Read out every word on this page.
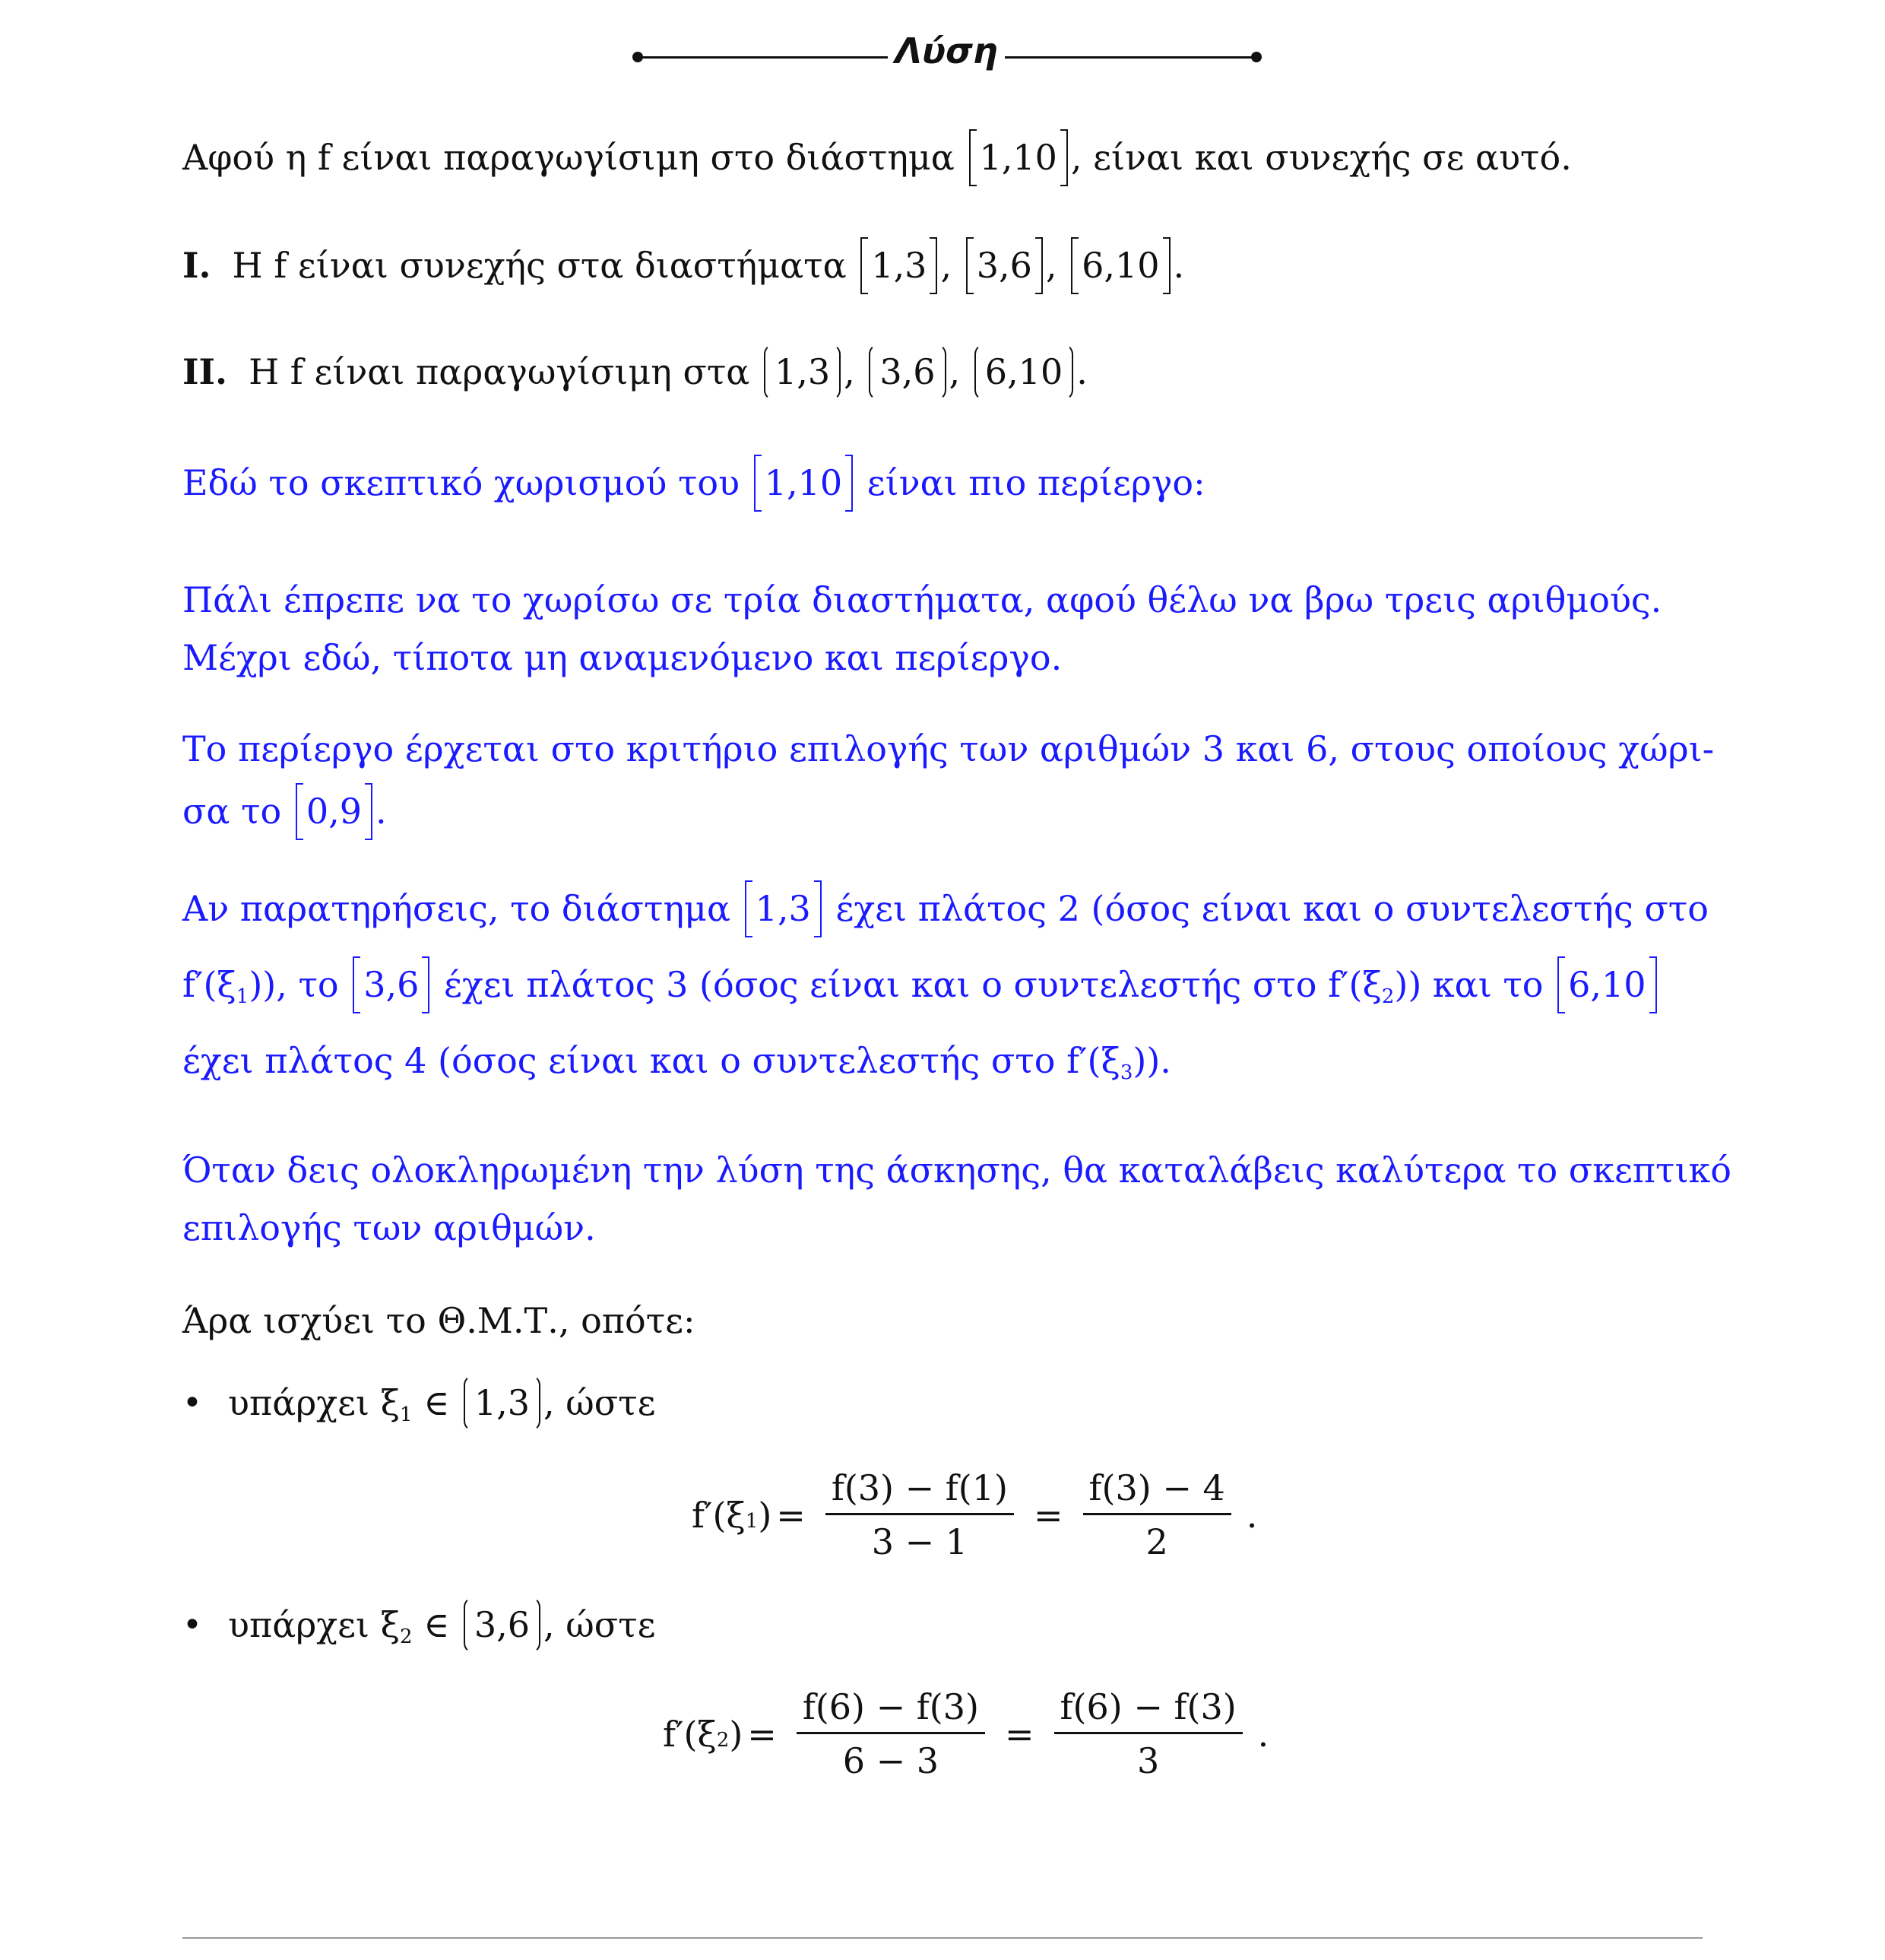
Λύση
Αφού η f είναι παραγωγίσιμη στο διάστημα 1,10 , είναι και συνεχής σε αυτό.
I. Η f είναι συνεχής στα διαστήματα 1,3 , 3,6 , 6,10 .
II. Η f είναι παραγωγίσιμη στα 1,3 , 3,6 , 6,10 .
Εδώ το σκεπτικό χωρισμού του 1,10 είναι πιο περίεργο:
Πάλι έπρεπε να το χωρίσω σε τρία διαστήματα, αφού θέλω να βρω τρεις αριθμούς.
Μέχρι εδώ, τίποτα μη αναμενόμενο και περίεργο.
Το περίεργο έρχεται στο κριτήριο επιλογής των αριθμών 3 και 6, στους οποίους χώρι-
σα το 0,9 .
Αν παρατηρήσεις, το διάστημα 1,3 έχει πλάτος 2 (όσος είναι και ο συντελεστής στο
$f'(\xi_1)$), το 3,6 έχει πλάτος 3 (όσος είναι και ο συντελεστής στο $f'(\xi_2)$) και το 6,10
έχει πλάτος 4 (όσος είναι και ο συντελεστής στο $f'(\xi_3)$).
Όταν δεις ολοκληρωμένη την λύση της άσκησης, θα καταλάβεις καλύτερα το σκεπτικό
επιλογής των αριθμών.
Άρα ισχύει το Θ.Μ.Τ., οπότε:
υπάρχει $\xi_1$ ∈ 1,3 , ώστε
•
$f'(\xi_1$ ) = $\frac{f(3) - f(1)}{3 - 1} = \frac{f(3) - 4}{2}$ .
υπάρχει $\xi_2$ ∈ 3,6 , ώστε
•
$f'(\xi_2$ ) = $\frac{f(6) - f(3)}{6 - 3} = \frac{f(6) - f(3)}{3}$ .
